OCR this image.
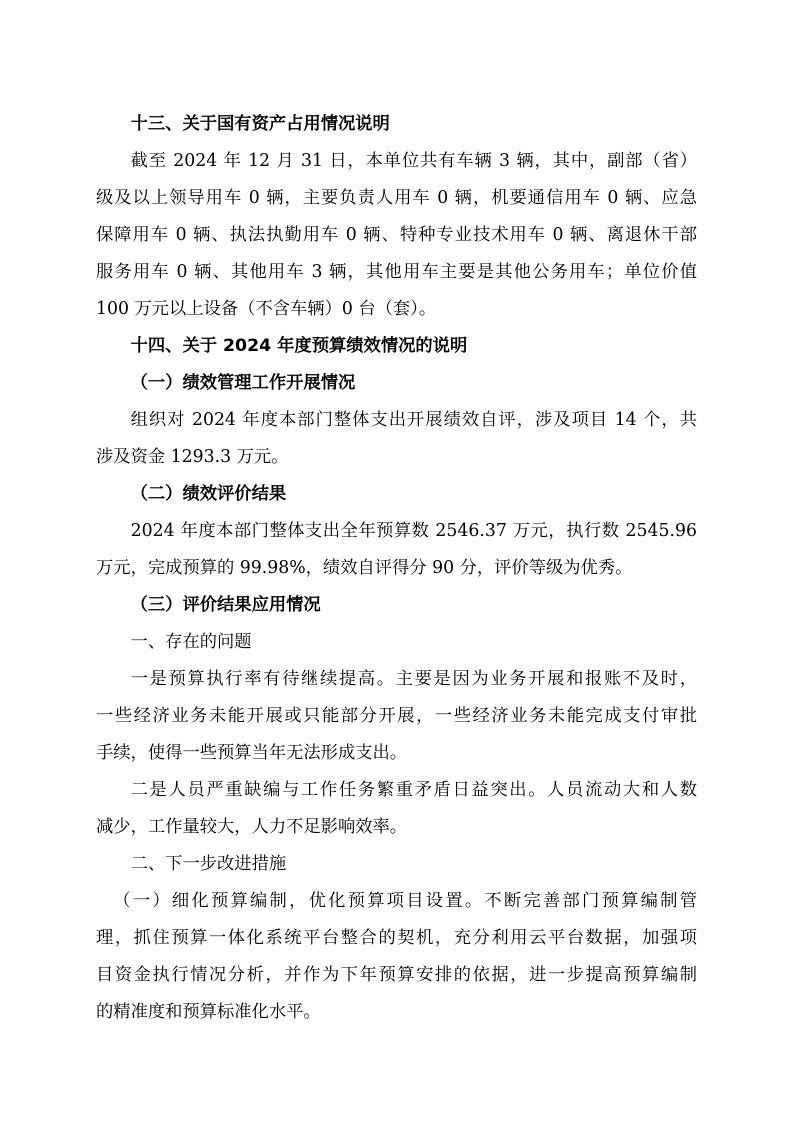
十三、关于国有资产占用情况说明
截至 2024 年 12 月 31 日，本单位共有车辆 3 辆，其中，副部（省）
级及以上领导用车 0 辆，主要负责人用车 0 辆，机要通信用车 0 辆、应急
保障用车 0 辆、执法执勤用车 0 辆、特种专业技术用车 0 辆、离退休干部
服务用车 0 辆、其他用车 3 辆，其他用车主要是其他公务用车；单位价值
100 万元以上设备（不含车辆）0 台（套）。
十四、关于 2024 年度预算绩效情况的说明
（一）绩效管理工作开展情况
组织对 2024 年度本部门整体支出开展绩效自评，涉及项目 14 个，共
涉及资金 1293.3 万元。
（二）绩效评价结果
2024 年度本部门整体支出全年预算数 2546.37 万元，执行数 2545.96
万元，完成预算的 99.98%，绩效自评得分 90 分，评价等级为优秀。
（三）评价结果应用情况
一、存在的问题
一是预算执行率有待继续提高。主要是因为业务开展和报账不及时，
一些经济业务未能开展或只能部分开展，一些经济业务未能完成支付审批
手续，使得一些预算当年无法形成支出。
二是人员严重缺编与工作任务繁重矛盾日益突出。人员流动大和人数
减少，工作量较大，人力不足影响效率。
二、下一步改进措施
（一）细化预算编制，优化预算项目设置。不断完善部门预算编制管
理，抓住预算一体化系统平台整合的契机，充分利用云平台数据，加强项
目资金执行情况分析，并作为下年预算安排的依据，进一步提高预算编制
的精准度和预算标准化水平。
